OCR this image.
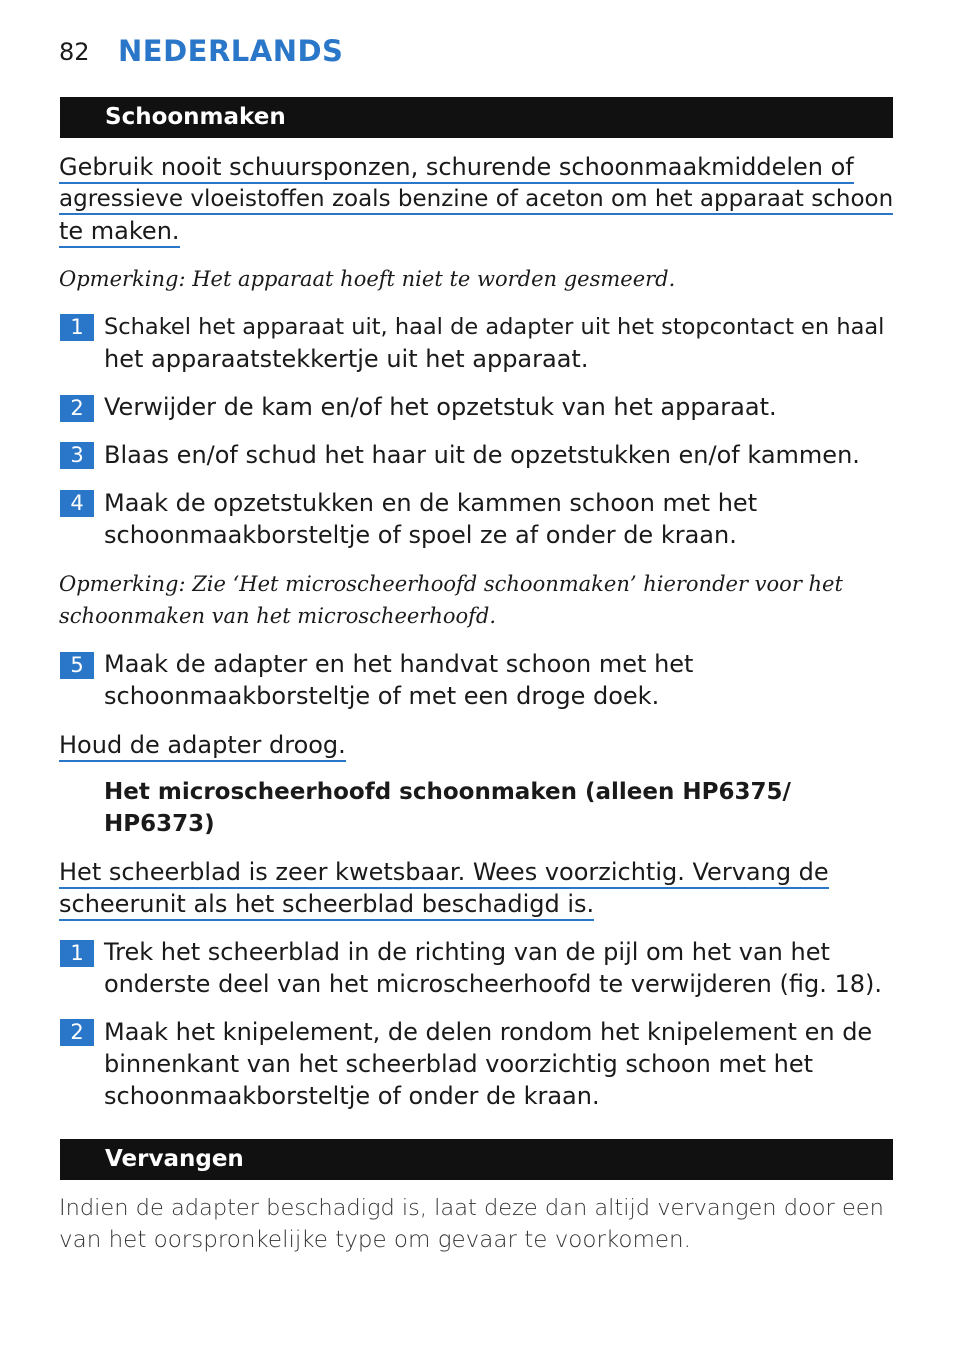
82 NEDERLANDS
Schoonmaken
Gebruik nooit schuursponzen, schurende schoonmaakmiddelen of
agressieve vloeistoffen zoals benzine of aceton om het apparaat schoon
te maken.
Opmerking: Het apparaat hoeft niet te worden gesmeerd.
1 Schakel het apparaat uit, haal de adapter uit het stopcontact en haal
het apparaatstekkertje uit het apparaat.
2 Verwijder de kam en/of het opzetstuk van het apparaat.
3 Blaas en/of schud het haar uit de opzetstukken en/of kammen.
4 Maak de opzetstukken en de kammen schoon met het
schoonmaakborsteltje of spoel ze af onder de kraan.
Opmerking: Zie ‘Het microscheerhoofd schoonmaken’ hieronder voor het
schoonmaken van het microscheerhoofd.
5 Maak de adapter en het handvat schoon met het
schoonmaakborsteltje of met een droge doek.
Houd de adapter droog.
Het microscheerhoofd schoonmaken (alleen HP6375/
HP6373)
Het scheerblad is zeer kwetsbaar. Wees voorzichtig. Vervang de
scheerunit als het scheerblad beschadigd is.
1 Trek het scheerblad in de richting van de pijl om het van het
onderste deel van het microscheerhoofd te verwijderen (fig. 18).
2 Maak het knipelement, de delen rondom het knipelement en de
binnenkant van het scheerblad voorzichtig schoon met het
schoonmaakborsteltje of onder de kraan.
Vervangen
Indien de adapter beschadigd is, laat deze dan altijd vervangen door een
van het oorspronkelijke type om gevaar te voorkomen.
